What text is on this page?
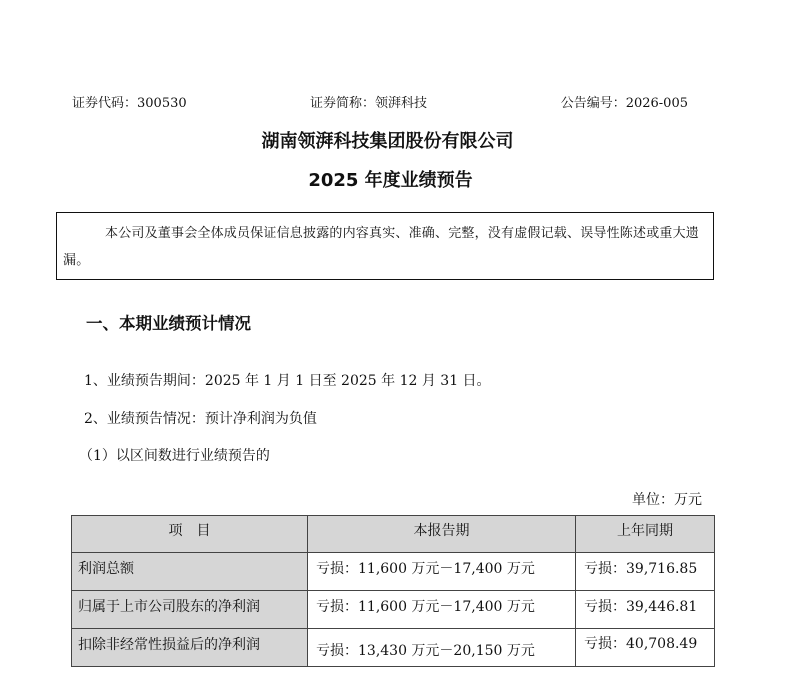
证券代码：300530	证券简称：领湃科技	公告编号：2026-005
湖南领湃科技集团股份有限公司
2025 年度业绩预告
本公司及董事会全体成员保证信息披露的内容真实、准确、完整，没有虚假记载、误导性陈述或重大遗漏。
一、本期业绩预计情况
1、业绩预告期间：2025 年 1 月 1 日至 2025 年 12 月 31 日。
2、业绩预告情况：预计净利润为负值
（1）以区间数进行业绩预告的
单位：万元
项　目	本报告期	上年同期
利润总额	亏损：11,600 万元－17,400 万元	亏损：39,716.85
归属于上市公司股东的净利润	亏损：11,600 万元－17,400 万元	亏损：39,446.81
扣除非经常性损益后的净利润	亏损：13,430 万元－20,150 万元	亏损：40,708.49
